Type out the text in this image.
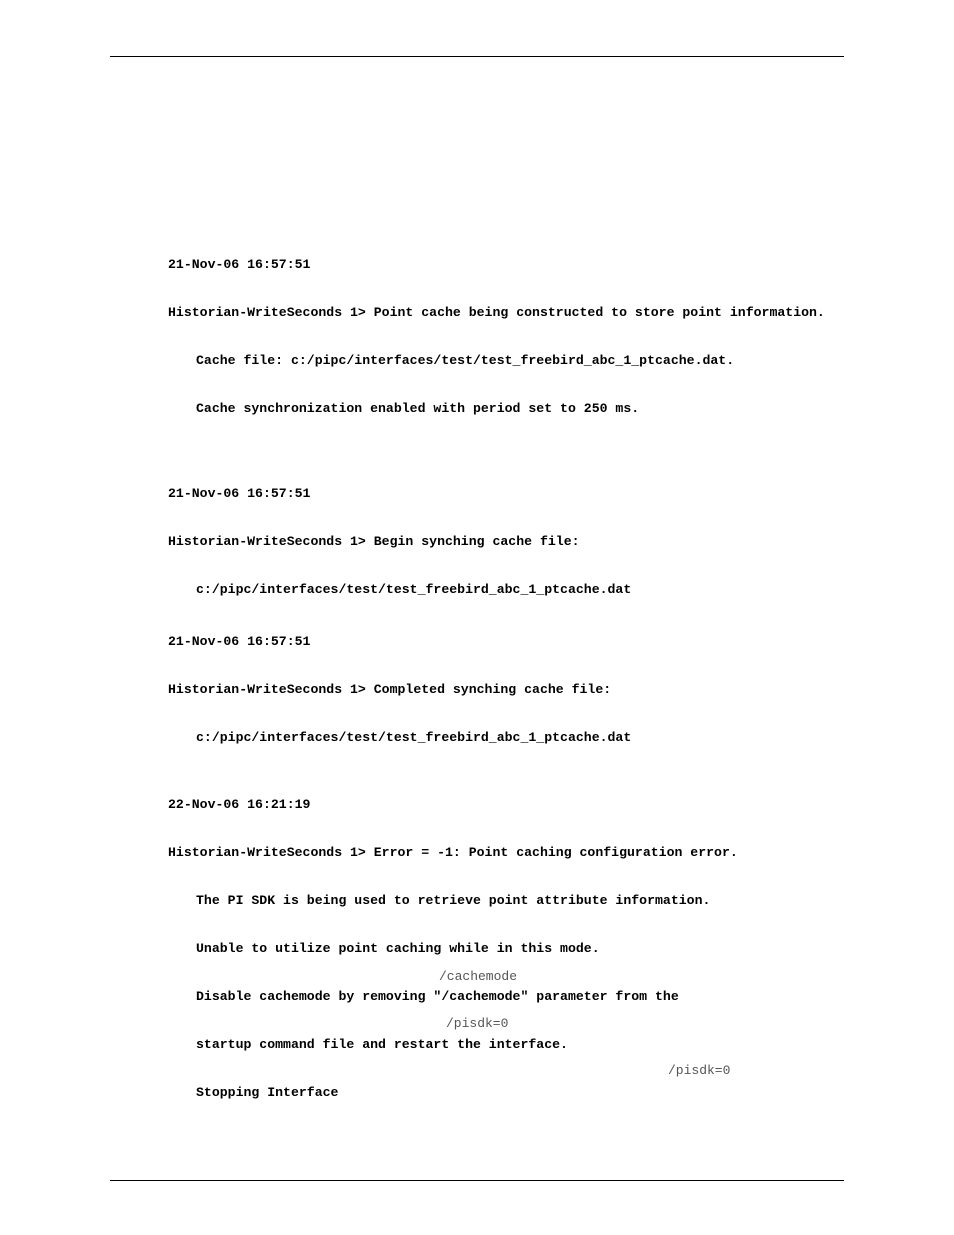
21-Nov-06 16:57:51

Historian-WriteSeconds 1> Point cache being constructed to store point information.

Cache file: c:/pipc/interfaces/test/test_freebird_abc_1_ptcache.dat.

Cache synchronization enabled with period set to 250 ms.

21-Nov-06 16:57:51

Historian-WriteSeconds 1> Begin synching cache file:

c:/pipc/interfaces/test/test_freebird_abc_1_ptcache.dat

21-Nov-06 16:57:51

Historian-WriteSeconds 1> Completed synching cache file:

c:/pipc/interfaces/test/test_freebird_abc_1_ptcache.dat

22-Nov-06 16:21:19

Historian-WriteSeconds 1> Error = -1: Point caching configuration error.

The PI SDK is being used to retrieve point attribute information.

Unable to utilize point caching while in this mode.

Disable cachemode by removing "/cachemode" parameter from the

startup command file and restart the interface.

Stopping Interface

/cachemode
/pisdk=0
/pisdk=0
